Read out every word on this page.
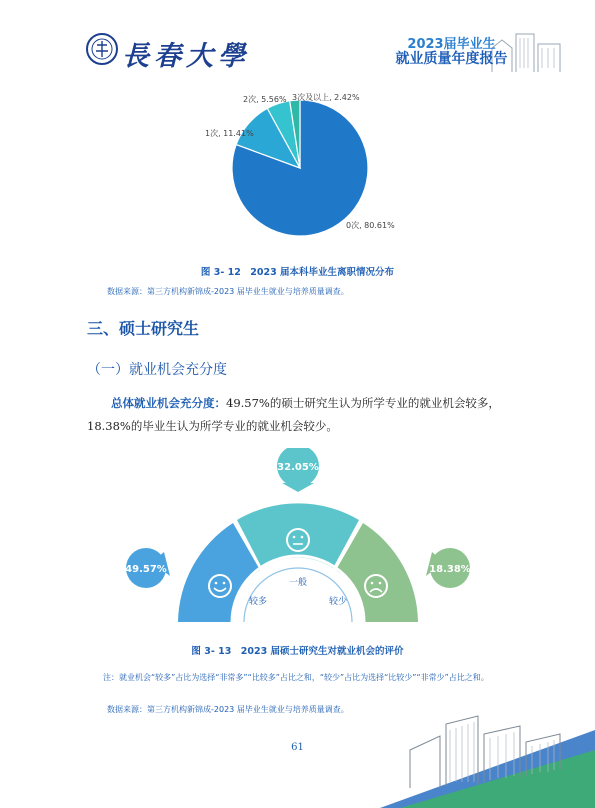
長春大學	2023届毕业生
就业质量年度报告
0次, 80.61%
1次, 11.41%
2次, 5.56% 3次及以上, 2.42%
图 3- 12　2023 届本科毕业生离职情况分布
数据来源：第三方机构新锦成-2023 届毕业生就业与培养质量调查。
三、硕士研究生
（一）就业机会充分度
总体就业机会充分度：49.57%的硕士研究生认为所学专业的就业机会较多，18.38%的毕业生认为所学专业的就业机会较少。
较多
一般
较少
32.05%
49.57%	18.38%
图 3- 13　2023 届硕士研究生对就业机会的评价
注：就业机会“较多”占比为选择“非常多”“比较多”占比之和，“较少”占比为选择“比较少”“非常少”占比之和。
数据来源：第三方机构新锦成-2023 届毕业生就业与培养质量调查。
61
